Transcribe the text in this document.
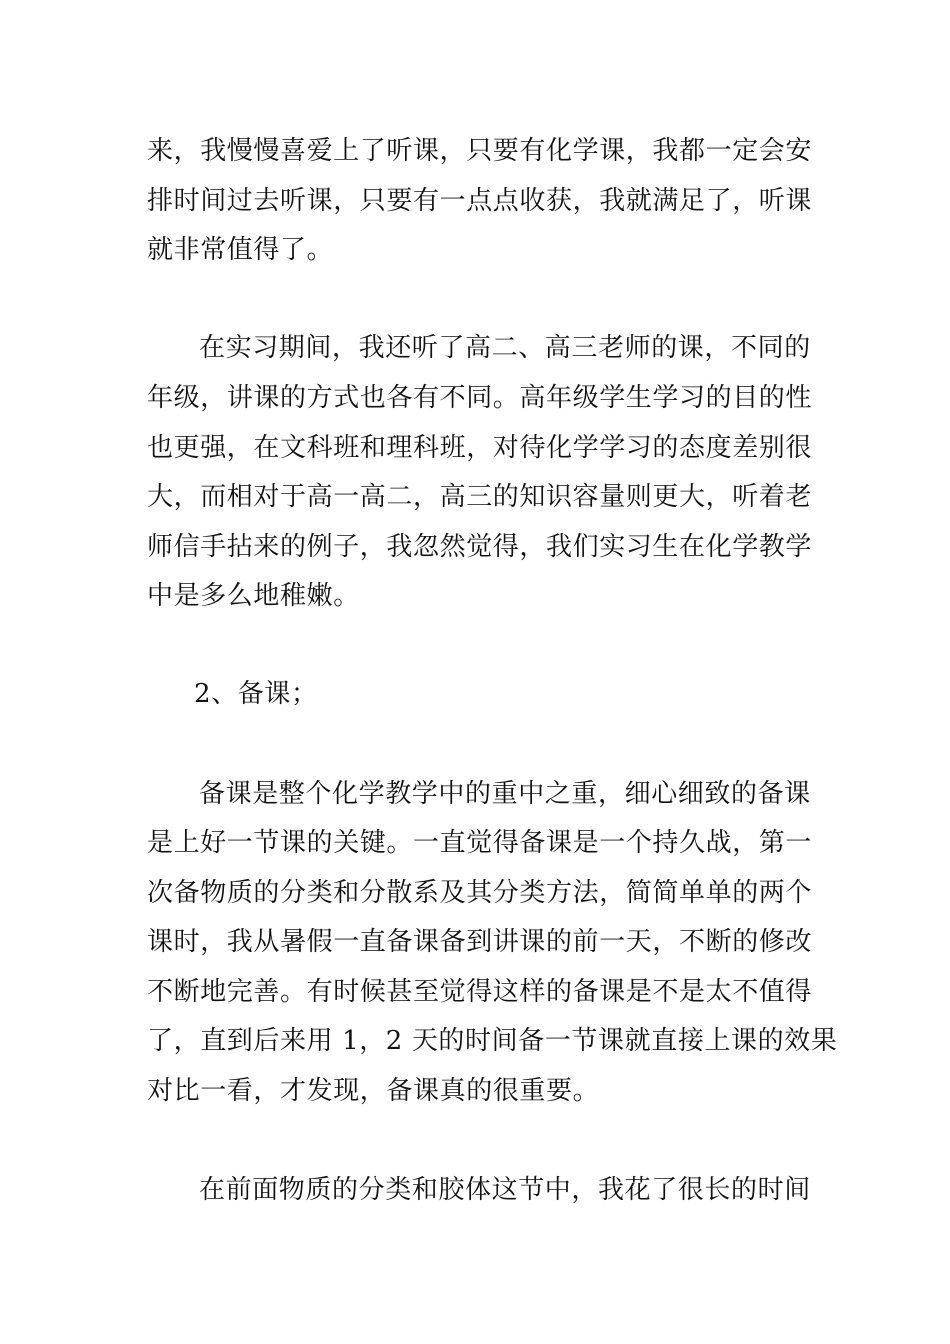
来，我慢慢喜爱上了听课，只要有化学课，我都一定会安
排时间过去听课，只要有一点点收获，我就满足了，听课
就非常值得了。
在实习期间，我还听了高二、高三老师的课，不同的
年级，讲课的方式也各有不同。高年级学生学习的目的性
也更强，在文科班和理科班，对待化学学习的态度差别很
大，而相对于高一高二，高三的知识容量则更大，听着老
师信手拈来的例子，我忽然觉得，我们实习生在化学教学
中是多么地稚嫩。
2、备课；
备课是整个化学教学中的重中之重，细心细致的备课
是上好一节课的关键。一直觉得备课是一个持久战，第一
次备物质的分类和分散系及其分类方法，简简单单的两个
课时，我从暑假一直备课备到讲课的前一天，不断的修改
不断地完善。有时候甚至觉得这样的备课是不是太不值得
了，直到后来用 1，2 天的时间备一节课就直接上课的效果
对比一看，才发现，备课真的很重要。
在前面物质的分类和胶体这节中，我花了很长的时间
